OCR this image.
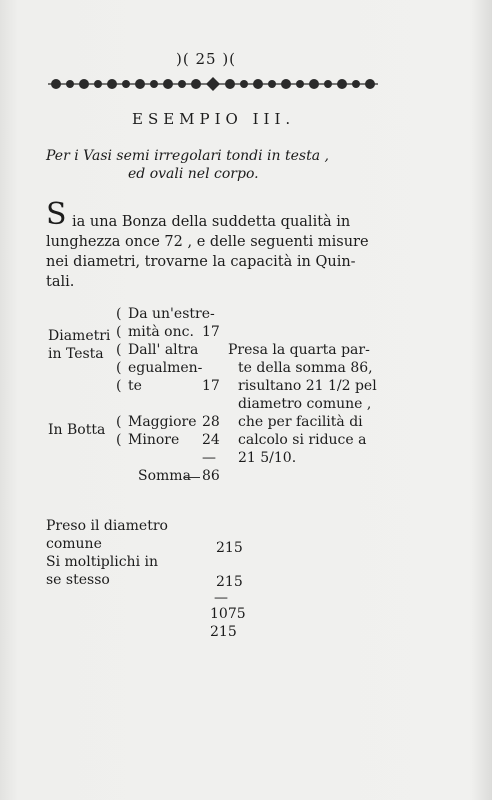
)( 25 )(
ESEMPIO III.
Per i Vasi semi irregolari tondi in testa ,
ed ovali nel corpo.
S ia una Bonza della suddetta qualità in
lunghezza once 72 , e delle seguenti misure
nei diametri, trovarne la capacità in Quin-
tali.
Diametri
in Testa
( Da un'estre-
( mità onc. 17
( Dall' altra
( egualmen-
( te	17
In Botta ( Maggiore 28
( Minore 24
—
Somma 86
Presa la quarta par-
te della somma 86,
risultano 21 1/2 pel
diametro comune ,
che per facilità di
calcolo si riduce a
21 5/10.
Preso il diametro
comune	215
Si moltiplichi in
se stesso	215
—
1075
215
